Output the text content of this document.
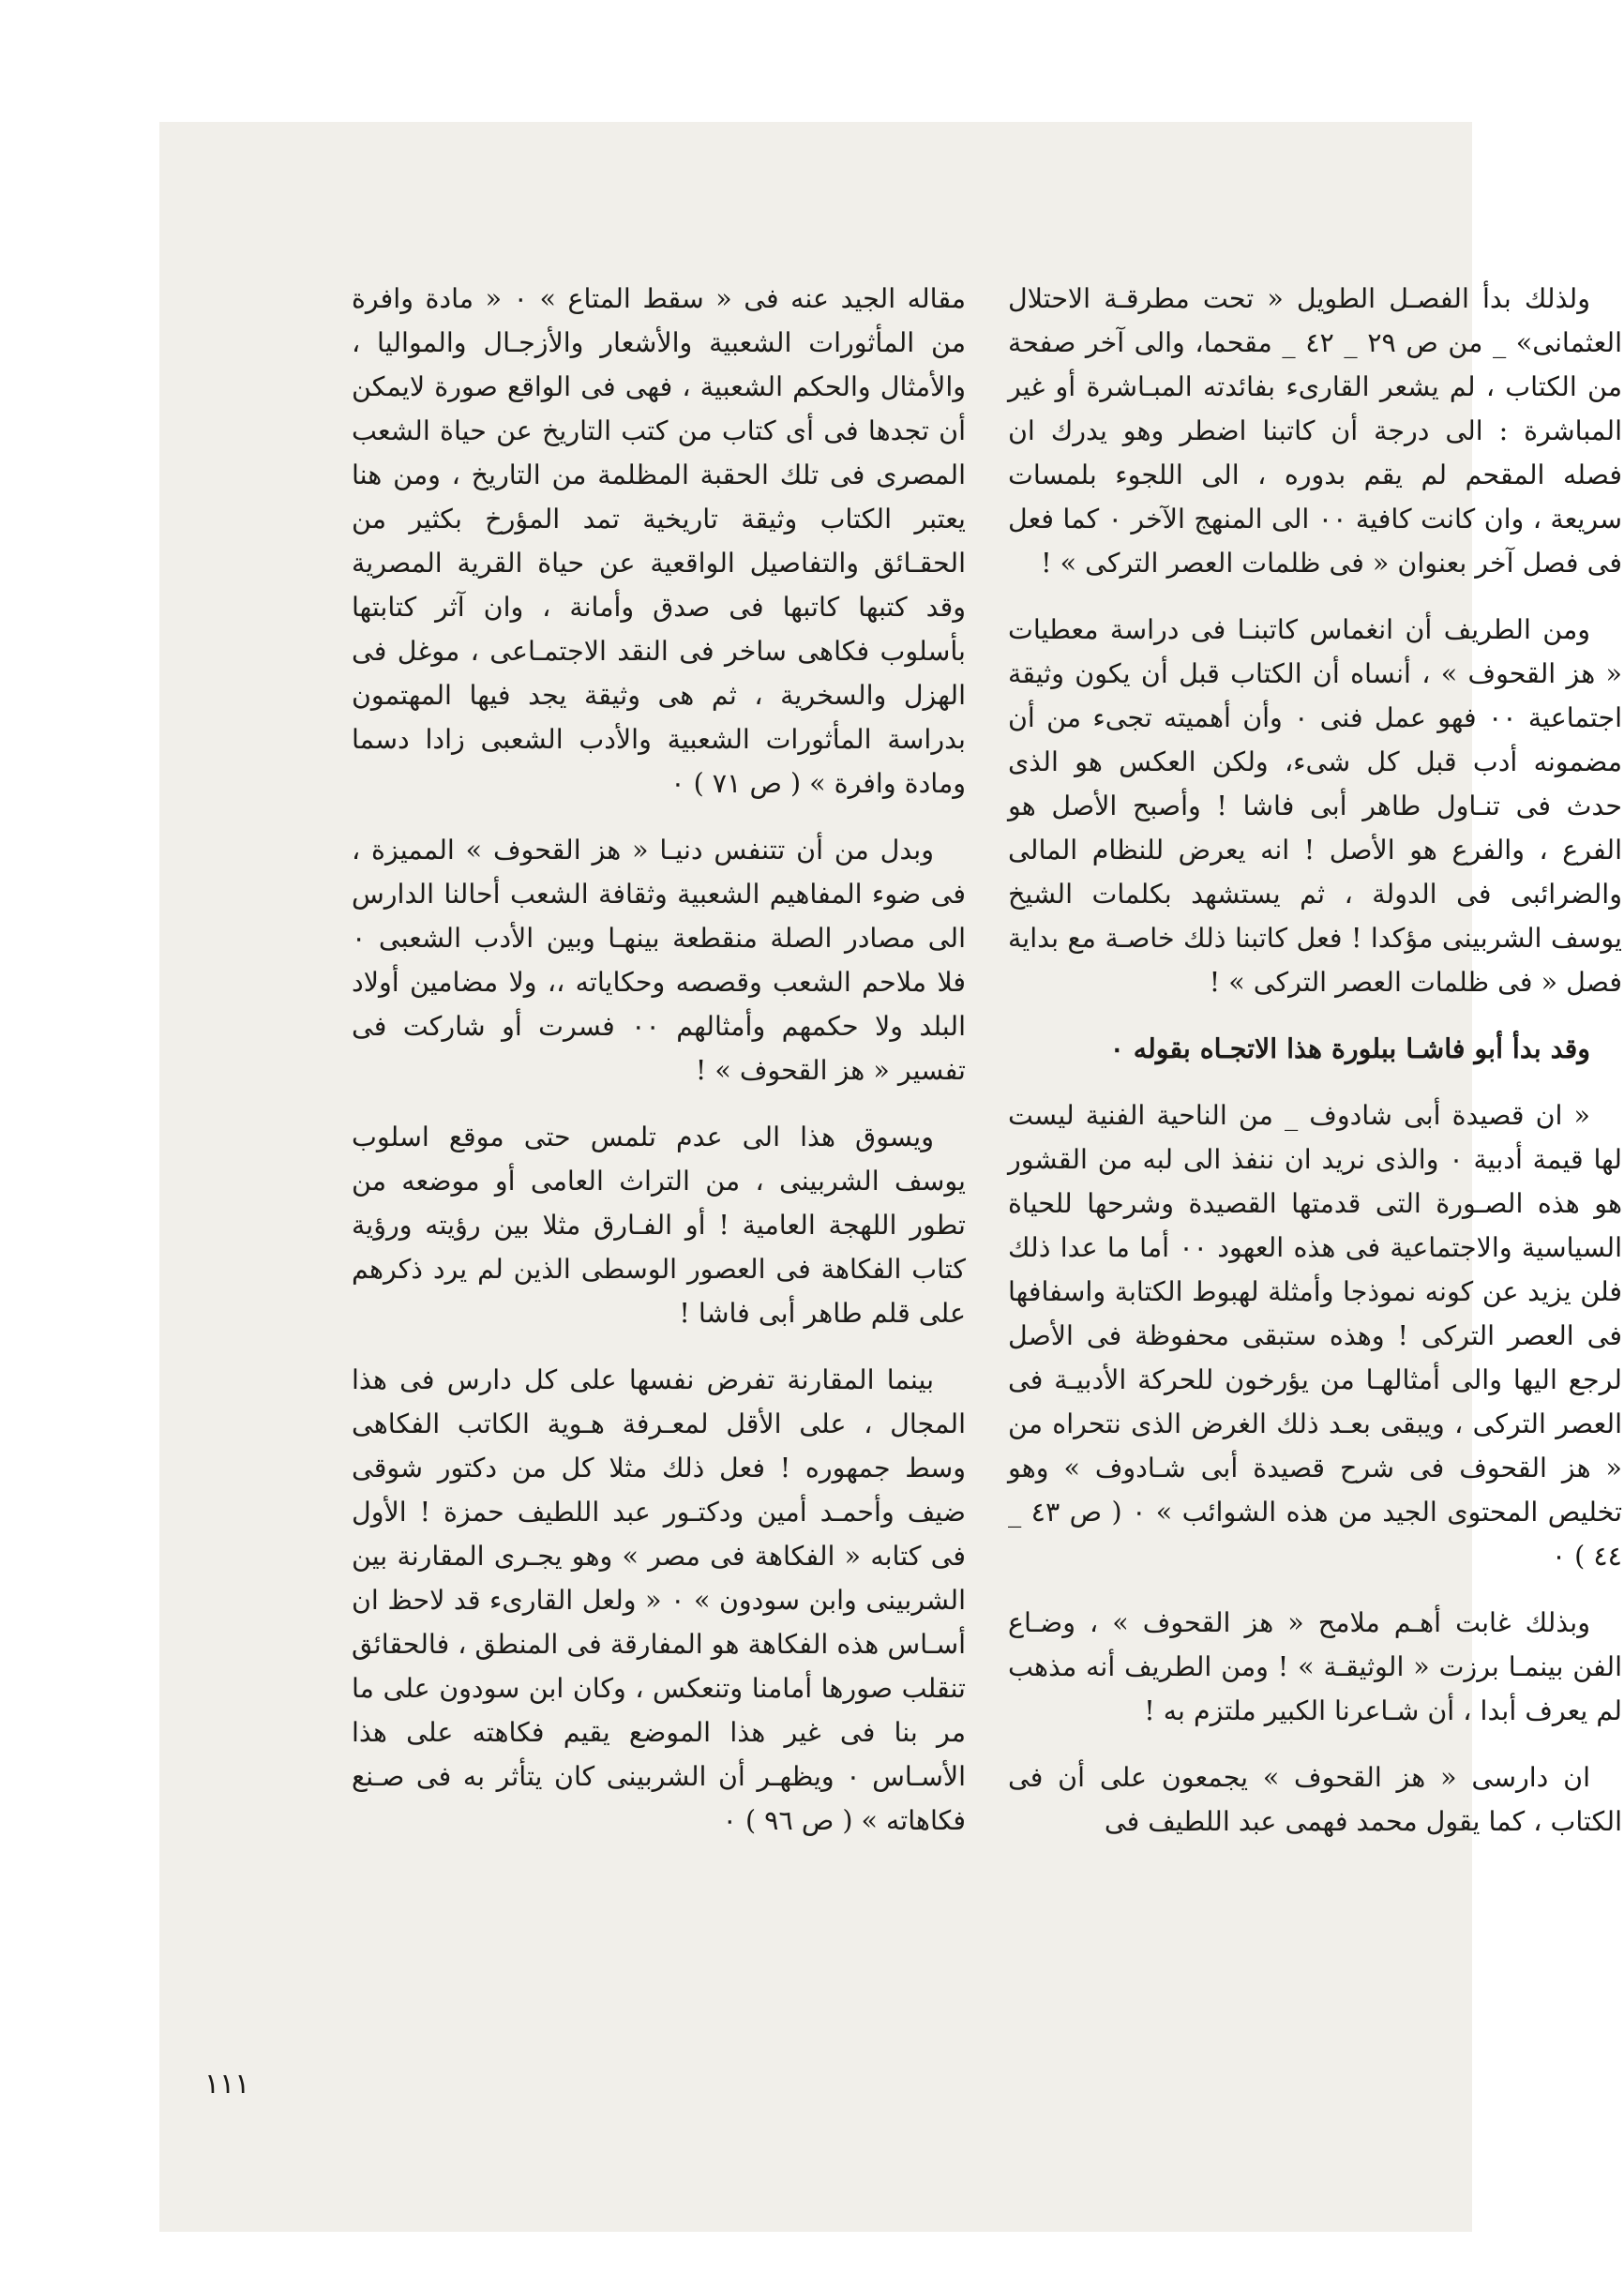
ولذلك بدأ الفصـل الطويل « تحت مطرقـة الاحتلال العثمانى» _ من ص ٢٩ _ ٤٢ _ مقحما، والى آخر صفحة من الكتاب ، لم يشعر القارىء بفائدته المبـاشرة أو غير المباشرة : الى درجة أن كاتبنا اضطر وهو يدرك ان فصله المقحم لم يقم بدوره ، الى اللجوء بلمسات سريعة ، وان كانت كافية ٠٠ الى المنهج الآخر ٠ كما فعل فى فصل آخر بعنوان « فى ظلمات العصر التركى » !

ومن الطريف أن انغماس كاتبنـا فى دراسة معطيات « هز القحوف » ، أنساه أن الكتاب قبل أن يكون وثيقة اجتماعية ٠٠ فهو عمل فنى ٠ وأن أهميته تجىء من أن مضمونه أدب قبل كل شىء، ولكن العكس هو الذى حدث فى تنـاول طاهر أبى فاشا ! وأصبح الأصل هو الفرع ، والفرع هو الأصل ! انه يعرض للنظام المالى والضرائبى فى الدولة ، ثم يستشهد بكلمات الشيخ يوسف الشربينى مؤكدا ! فعل كاتبنا ذلك خاصـة مع بداية فصل « فى ظلمات العصر التركى » !

وقد بدأ أبو فاشـا ببلورة هذا الاتجـاه بقوله ٠

« ان قصيدة أبى شادوف _ من الناحية الفنية ليست لها قيمة أدبية ٠ والذى نريد ان ننفذ الى لبه من القشور هو هذه الصـورة التى قدمتها القصيدة وشرحها للحياة السياسية والاجتماعية فى هذه العهود ٠٠ أما ما عدا ذلك فلن يزيد عن كونه نموذجا وأمثلة لهبوط الكتابة واسفافها فى العصر التركى ! وهذه ستبقى محفوظة فى الأصل لرجع اليها والى أمثالهـا من يؤرخون للحركة الأدبيـة فى العصر التركى ، ويبقى بعـد ذلك الغرض الذى نتحراه من « هز القحوف فى شرح قصيدة أبى شـادوف » وهو تخليص المحتوى الجيد من هذه الشوائب » ٠ ( ص ٤٣ _ ٤٤ ) ٠

وبذلك غابت أهـم ملامح « هز القحوف » ، وضـاع الفن بينمـا برزت « الوثيقـة » ! ومن الطريف أنه مذهب لم يعرف أبدا ، أن شـاعرنا الكبير ملتزم به !

ان دارسى « هز القحوف » يجمعون على أن فى الكتاب ، كما يقول محمد فهمى عبد اللطيف فى

مقاله الجيد عنه فى « سقط المتاع » ٠ « مادة وافرة من المأثورات الشعبية والأشعار والأزجـال والمواليا ، والأمثال والحكم الشعبية ، فهى فى الواقع صورة لايمكن أن تجدها فى أى كتاب من كتب التاريخ عن حياة الشعب المصرى فى تلك الحقبة المظلمة من التاريخ ، ومن هنا يعتبر الكتاب وثيقة تاريخية تمد المؤرخ بكثير من الحقـائق والتفاصيل الواقعية عن حياة القرية المصرية وقد كتبها كاتبها فى صدق وأمانة ، وان آثر كتابتها بأسلوب فكاهى ساخر فى النقد الاجتمـاعى ، موغل فى الهزل والسخرية ، ثم هى وثيقة يجد فيها المهتمون بدراسة المأثورات الشعبية والأدب الشعبى زادا دسما ومادة وافرة » ( ص ٧١ ) ٠

وبدل من أن تتنفس دنيـا « هز القحوف » المميزة ، فى ضوء المفاهيم الشعبية وثقافة الشعب أحالنا الدارس الى مصادر الصلة منقطعة بينهـا وبين الأدب الشعبى ٠ فلا ملاحم الشعب وقصصه وحكاياته ،، ولا مضامين أولاد البلد ولا حكمهم وأمثالهم ٠٠ فسرت أو شاركت فى تفسير « هز القحوف » !

ويسوق هذا الى عدم تلمس حتى موقع اسلوب يوسف الشربينى ، من التراث العامى أو موضعه من تطور اللهجة العامية ! أو الفـارق مثلا بين رؤيته ورؤية كتاب الفكاهة فى العصور الوسطى الذين لم يرد ذكرهم على قلم طاهر أبى فاشا !

بينما المقارنة تفرض نفسها على كل دارس فى هذا المجال ، على الأقل لمعـرفة هـوية الكاتب الفكاهى وسط جمهوره ! فعل ذلك مثلا كل من دكتور شوقى ضيف وأحمـد أمين ودكتـور عبد اللطيف حمزة ! الأول فى كتابه « الفكاهة فى مصر » وهو يجـرى المقارنة بين الشربينى وابن سودون » ٠ « ولعل القارىء قد لاحظ ان أسـاس هذه الفكاهة هو المفارقة فى المنطق ، فالحقائق تنقلب صورها أمامنا وتنعكس ، وكان ابن سودون على ما مر بنا فى غير هذا الموضع يقيم فكاهته على هذا الأسـاس ٠ ويظهـر أن الشربينى كان يتأثر به فى صـنع فكاهاته » ( ص ٩٦ ) ٠

١١١
